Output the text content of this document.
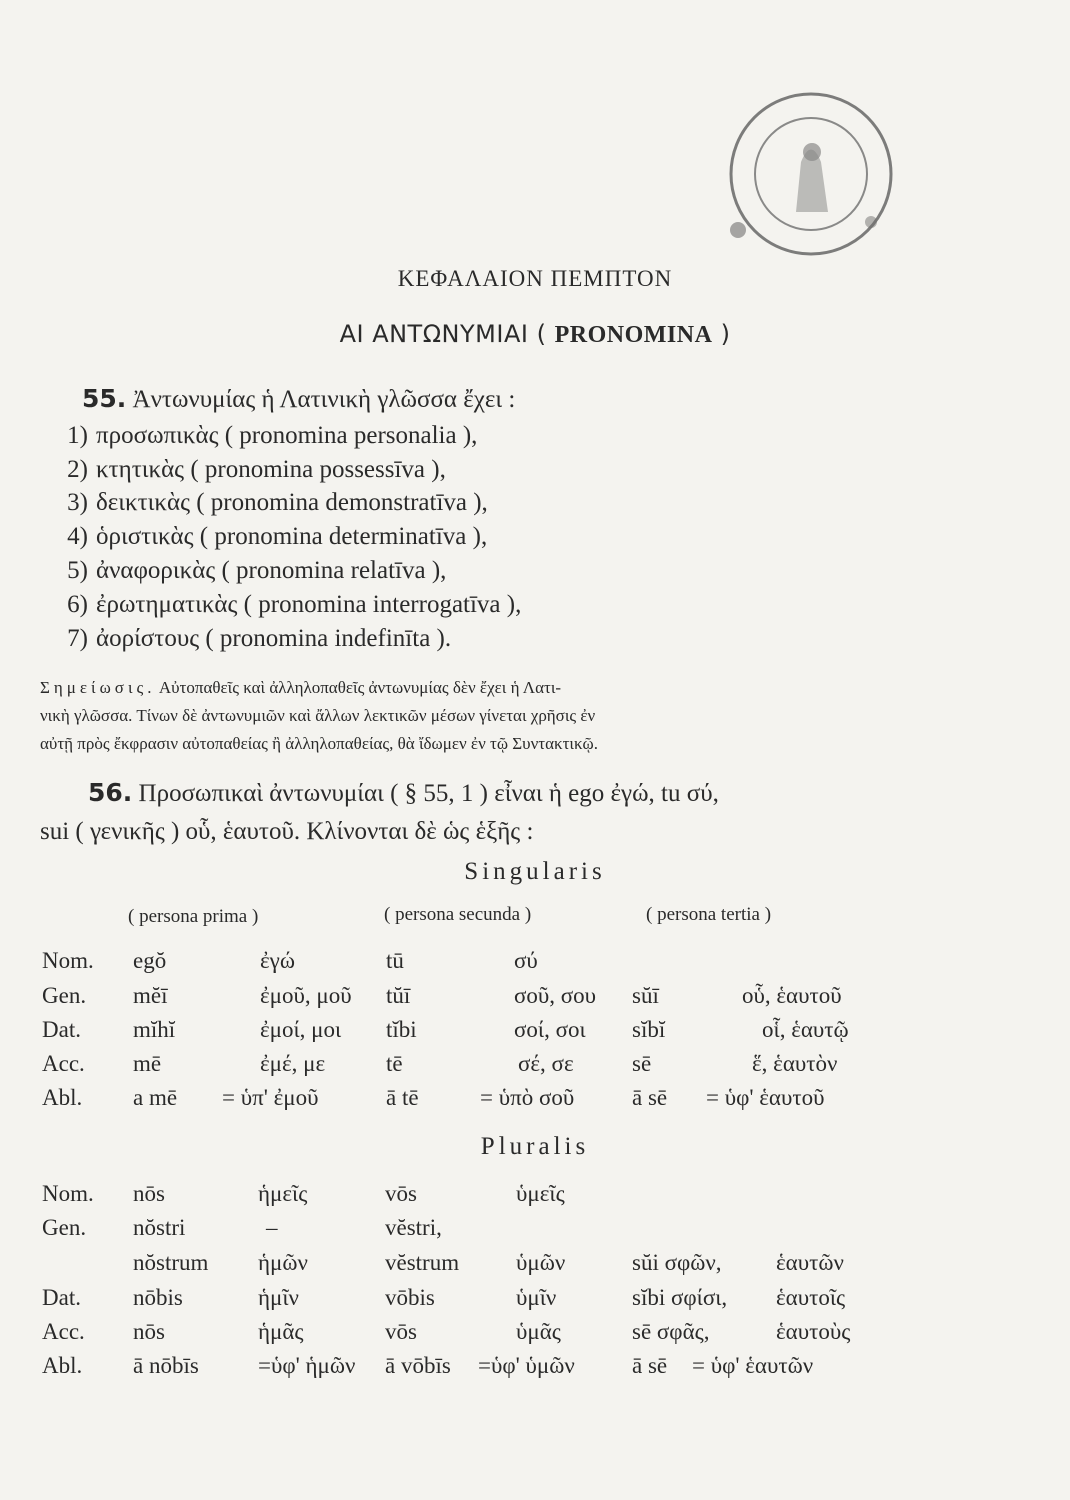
ΚΕΦΑΛΑΙΟΝ ΠΕΜΠΤΟΝ
ΑΙ ΑΝΤΩΝΥΜΙΑΙ ( PRONOMINA )
55. Ἀντωνυμίας ἡ Λατινικὴ γλῶσσα ἔχει :
1) προσωπικὰς ( pronomina personalia ),
2) κτητικὰς ( pronomina possessīva ),
3) δεικτικὰς ( pronomina demonstratīva ),
4) ὁριστικὰς ( pronomina determinatīva ),
5) ἀναφορικὰς ( pronomina relatīva ),
6) ἐρωτηματικὰς ( pronomina interrogatīva ),
7) ἀορίστους ( pronomina indefinīta ).
Σημείωσις. Αὐτοπαθεῖς καὶ ἀλληλοπαθεῖς ἀντωνυμίας δὲν ἔχει ἡ Λατι-
νικὴ γλῶσσα. Τίνων δὲ ἀντωνυμιῶν καὶ ἄλλων λεκτικῶν μέσων γίνεται χρῆσις ἐν
αὐτῇ πρὸς ἔκφρασιν αὐτοπαθείας ἢ ἀλληλοπαθείας, θὰ ἴδωμεν ἐν τῷ Συντακτικῷ.
56. Προσωπικαὶ ἀντωνυμίαι ( § 55, 1 ) εἶναι ἡ ego ἐγώ, tu σύ,
sui ( γενικῆς ) οὗ, ἑαυτοῦ. Κλίνονται δὲ ὡς ἑξῆς :
Singularis
( persona prima )	( persona secunda )	( persona tertia )
Nom. egŏ	ἐγώ	tū	σύ
Gen. mĕī	ἐμοῦ, μοῦ tŭī	σοῦ, σου sŭī	οὗ, ἑαυτοῦ
Dat. mĭhĭ	ἐμοί, μοι tĭbi	σοί, σοι sĭbĭ	οἷ, ἑαυτῷ
Acc. mē	ἐμέ, με	tē	σέ, σε	sē	ἕ, ἑαυτὸν
Abl. a mē = ὑπ' ἐμοῦ	ā tē	= ὑπὸ σοῦ	ā sē = ὑφ' ἑαυτοῦ
Pluralis
Nom. nōs	ἡμεῖς	vōs	ὑμεῖς
Gen. nŏstri	–	vĕstri,
nŏstrum ἡμῶν	vĕstrum ὑμῶν	sŭi σφῶν, ἑαυτῶν
Dat. nōbis	ἡμῖν	vōbis	ὑμῖν	sĭbi σφίσι, ἑαυτοῖς
Acc. nōs	ἡμᾶς	vōs	ὑμᾶς	sē σφᾶς,	ἑαυτοὺς
Abl. ā nōbīs	=ὑφ' ἡμῶν ā vōbīs =ὑφ' ὑμῶν ā sē = ὑφ' ἑαυτῶν
